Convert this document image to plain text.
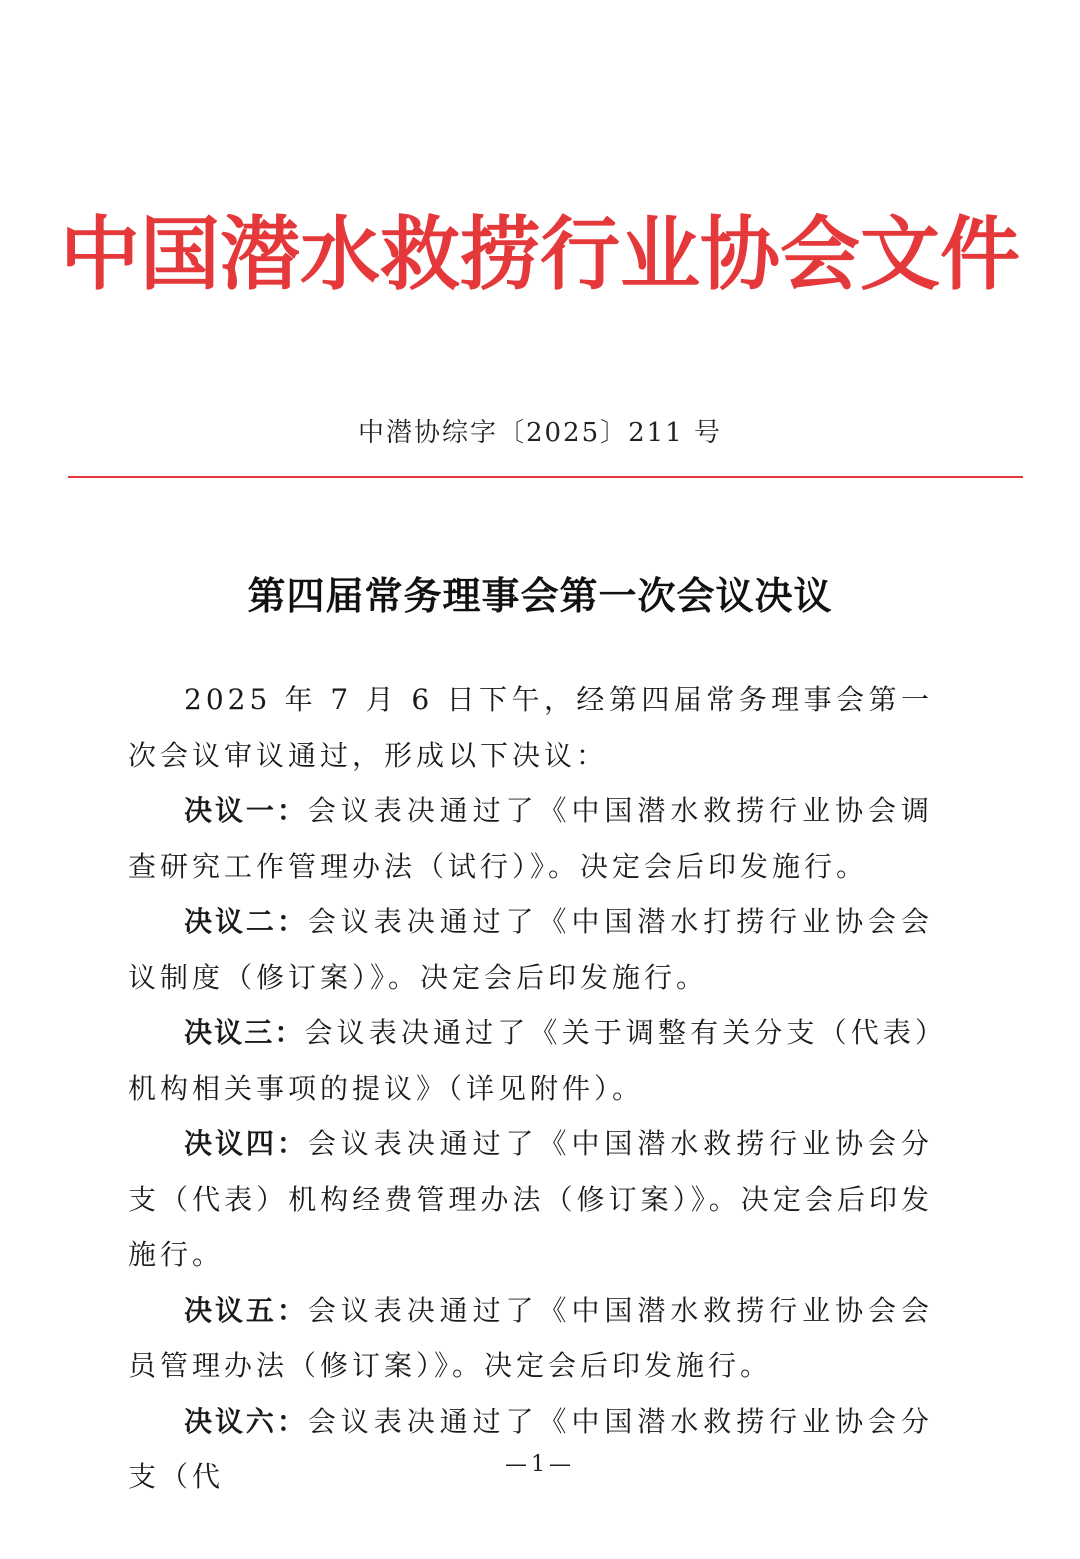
中国潜水救捞行业协会文件
中潜协综字〔2025〕211 号
第四届常务理事会第一次会议决议

2025 年 7 月 6 日下午，经第四届常务理事会第一次会议审议通过，形成以下决议：

决议一：会议表决通过了《中国潜水救捞行业协会调查研究工作管理办法（试行）》。决定会后印发施行。

决议二：会议表决通过了《中国潜水打捞行业协会会议制度（修订案）》。决定会后印发施行。

决议三：会议表决通过了《关于调整有关分支（代表）机构相关事项的提议》（详见附件）。

决议四：会议表决通过了《中国潜水救捞行业协会分支（代表）机构经费管理办法（修订案）》。决定会后印发施行。

决议五：会议表决通过了《中国潜水救捞行业协会会员管理办法（修订案）》。决定会后印发施行。

决议六：会议表决通过了《中国潜水救捞行业协会分支（代	—1—
